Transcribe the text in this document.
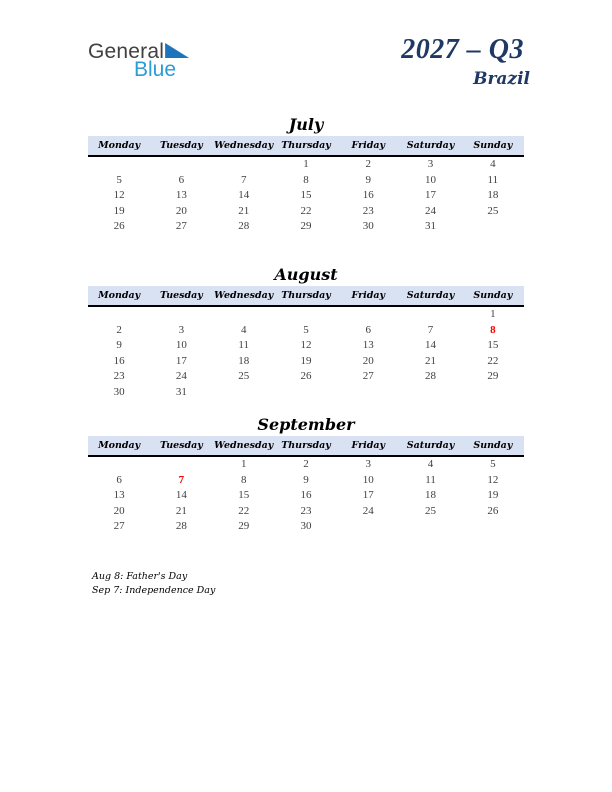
General
Blue
2027 – Q3
Brazil
July
Monday	Tuesday	Wednesday	Thursday	Friday	Saturday	Sunday
			1	2	3	4
5	6	7	8	9	10	11
12	13	14	15	16	17	18
19	20	21	22	23	24	25
26	27	28	29	30	31	

August
Monday	Tuesday	Wednesday	Thursday	Friday	Saturday	Sunday
						1
2	3	4	5	6	7	8
9	10	11	12	13	14	15
16	17	18	19	20	21	22
23	24	25	26	27	28	29
30	31					
September
Monday	Tuesday	Wednesday	Thursday	Friday	Saturday	Sunday
		1	2	3	4	5
6	7	8	9	10	11	12
13	14	15	16	17	18	19
20	21	22	23	24	25	26
27	28	29	30			

Aug 8: Father's Day
Sep 7: Independence Day
